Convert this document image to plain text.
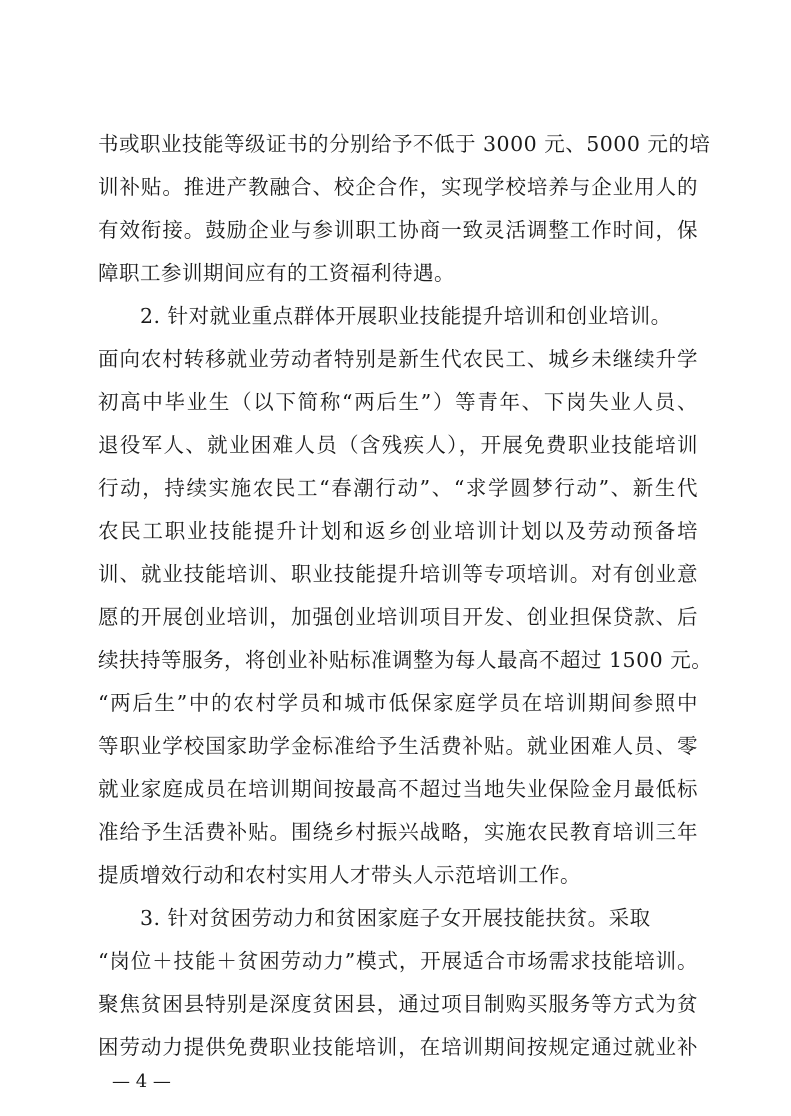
书或职业技能等级证书的分别给予不低于 3000 元、5000 元的培
训补贴。推进产教融合、校企合作，实现学校培养与企业用人的
有效衔接。鼓励企业与参训职工协商一致灵活调整工作时间，保
障职工参训期间应有的工资福利待遇。
2. 针对就业重点群体开展职业技能提升培训和创业培训。
面向农村转移就业劳动者特别是新生代农民工、城乡未继续升学
初高中毕业生（以下简称“两后生”）等青年、下岗失业人员、
退役军人、就业困难人员（含残疾人），开展免费职业技能培训
行动，持续实施农民工“春潮行动”、“求学圆梦行动”、新生代
农民工职业技能提升计划和返乡创业培训计划以及劳动预备培
训、就业技能培训、职业技能提升培训等专项培训。对有创业意
愿的开展创业培训，加强创业培训项目开发、创业担保贷款、后
续扶持等服务，将创业补贴标准调整为每人最高不超过 1500 元。
“两后生”中的农村学员和城市低保家庭学员在培训期间参照中
等职业学校国家助学金标准给予生活费补贴。就业困难人员、零
就业家庭成员在培训期间按最高不超过当地失业保险金月最低标
准给予生活费补贴。围绕乡村振兴战略，实施农民教育培训三年
提质增效行动和农村实用人才带头人示范培训工作。
3. 针对贫困劳动力和贫困家庭子女开展技能扶贫。采取
“岗位＋技能＋贫困劳动力”模式，开展适合市场需求技能培训。
聚焦贫困县特别是深度贫困县，通过项目制购买服务等方式为贫
困劳动力提供免费职业技能培训，在培训期间按规定通过就业补
— 4 —
